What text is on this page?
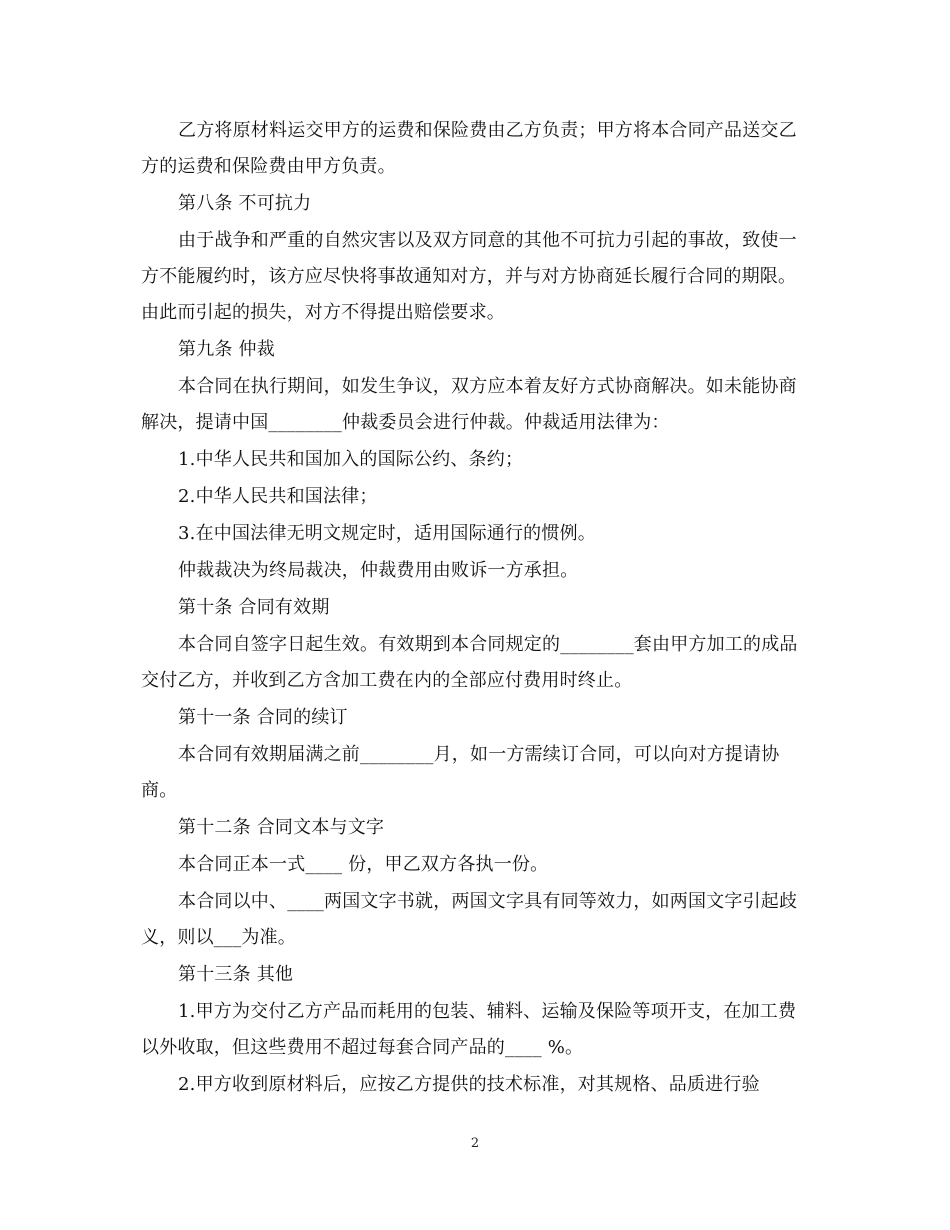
乙方将原材料运交甲方的运费和保险费由乙方负责；甲方将本合同产品送交乙方的运费和保险费由甲方负责。

第八条 不可抗力

由于战争和严重的自然灾害以及双方同意的其他不可抗力引起的事故，致使一方不能履约时，该方应尽快将事故通知对方，并与对方协商延长履行合同的期限。由此而引起的损失，对方不得提出赔偿要求。

第九条 仲裁

本合同在执行期间，如发生争议，双方应本着友好方式协商解决。如未能协商解决，提请中国________仲裁委员会进行仲裁。仲裁适用法律为：

1.中华人民共和国加入的国际公约、条约；

2.中华人民共和国法律；

3.在中国法律无明文规定时，适用国际通行的惯例。

仲裁裁决为终局裁决，仲裁费用由败诉一方承担。

第十条 合同有效期

本合同自签字日起生效。有效期到本合同规定的________套由甲方加工的成品交付乙方，并收到乙方含加工费在内的全部应付费用时终止。

第十一条 合同的续订

本合同有效期届满之前________月，如一方需续订合同，可以向对方提请协商。

第十二条 合同文本与文字

本合同正本一式____ 份，甲乙双方各执一份。

本合同以中、____两国文字书就，两国文字具有同等效力，如两国文字引起歧义，则以___为准。

第十三条 其他

1.甲方为交付乙方产品而耗用的包装、辅料、运输及保险等项开支，在加工费以外收取，但这些费用不超过每套合同产品的____ %。

2.甲方收到原材料后，应按乙方提供的技术标准，对其规格、品质进行验

2
